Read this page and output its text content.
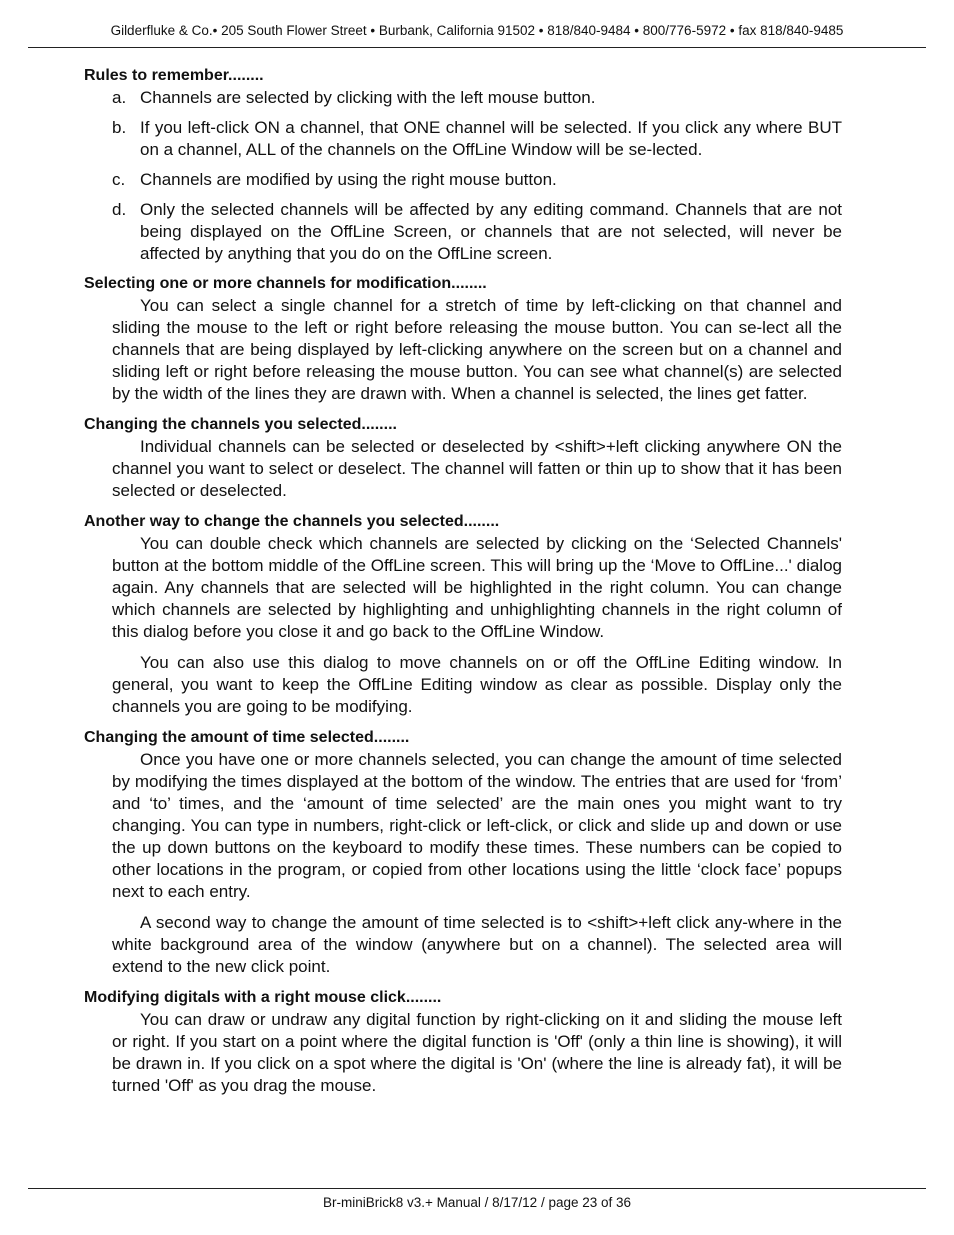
Gilderfluke & Co.• 205 South Flower Street • Burbank, California 91502 • 818/840-9484 • 800/776-5972 • fax 818/840-9485

Rules to remember........

a. Channels are selected by clicking with the left mouse button.
b. If you left-click ON a channel, that ONE channel will be selected. If you click any where BUT on a channel, ALL of the channels on the OffLine Window will be se-lected.
c. Channels are modified by using the right mouse button.
d. Only the selected channels will be affected by any editing command. Channels that are not being displayed on the OffLine Screen, or channels that are not selected, will never be affected by anything that you do on the OffLine screen.

Selecting one or more channels for modification........

You can select a single channel for a stretch of time by left-clicking on that channel and sliding the mouse to the left or right before releasing the mouse button. You can se-lect all the channels that are being displayed by left-clicking anywhere on the screen but on a channel and sliding left or right before releasing the mouse button. You can see what channel(s) are selected by the width of the lines they are drawn with. When a channel is selected, the lines get fatter.

Changing the channels you selected........

Individual channels can be selected or deselected by <shift>+left clicking anywhere ON the channel you want to select or deselect. The channel will fatten or thin up to show that it has been selected or deselected.

Another way to change the channels you selected........

You can double check which channels are selected by clicking on the ‘Selected Channels' button at the bottom middle of the OffLine screen. This will bring up the ‘Move to OffLine...' dialog again. Any channels that are selected will be highlighted in the right column. You can change which channels are selected by highlighting and unhighlighting channels in the right column of this dialog before you close it and go back to the OffLine Window.

You can also use this dialog to move channels on or off the OffLine Editing window. In general, you want to keep the OffLine Editing window as clear as possible. Display only the channels you are going to be modifying.

Changing the amount of time selected........

Once you have one or more channels selected, you can change the amount of time selected by modifying the times displayed at the bottom of the window. The entries that are used for ‘from’ and ‘to’ times, and the ‘amount of time selected’ are the main ones you might want to try changing. You can type in numbers, right-click or left-click, or click and slide up and down or use the up down buttons on the keyboard to modify these times. These numbers can be copied to other locations in the program, or copied from other locations using the little ‘clock face’ popups next to each entry.

A second way to change the amount of time selected is to <shift>+left click any-where in the white background area of the window (anywhere but on a channel). The selected area will extend to the new click point.

Modifying digitals with a right mouse click........

You can draw or undraw any digital function by right-clicking on it and sliding the mouse left or right. If you start on a point where the digital function is 'Off' (only a thin line is showing), it will be drawn in. If you click on a spot where the digital is 'On' (where the line is already fat), it will be turned 'Off' as you drag the mouse.

Br-miniBrick8 v3.+ Manual / 8/17/12 / page 23 of 36
